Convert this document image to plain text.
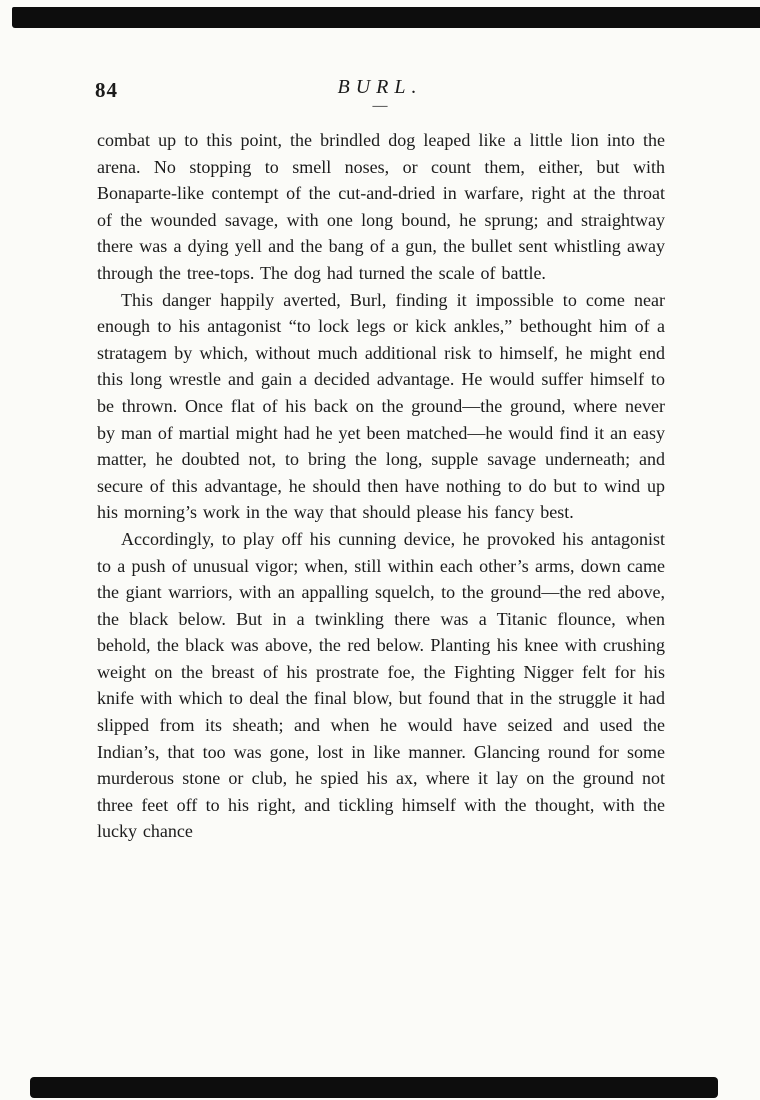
84	BURL.
—

combat up to this point, the brindled dog leaped like a little lion into the arena. No stopping to smell noses, or count them, either, but with Bonaparte-like contempt of the cut-and-dried in warfare, right at the throat of the wounded savage, with one long bound, he sprung; and straightway there was a dying yell and the bang of a gun, the bullet sent whistling away through the tree-tops. The dog had turned the scale of battle.

This danger happily averted, Burl, finding it impossible to come near enough to his antagonist “to lock legs or kick ankles,” bethought him of a stratagem by which, without much additional risk to himself, he might end this long wrestle and gain a decided advantage. He would suffer himself to be thrown. Once flat of his back on the ground—the ground, where never by man of martial might had he yet been matched—he would find it an easy matter, he doubted not, to bring the long, supple savage underneath; and secure of this advantage, he should then have nothing to do but to wind up his morning’s work in the way that should please his fancy best.

Accordingly, to play off his cunning device, he provoked his antagonist to a push of unusual vigor; when, still within each other’s arms, down came the giant warriors, with an appalling squelch, to the ground—the red above, the black below. But in a twinkling there was a Titanic flounce, when behold, the black was above, the red below. Planting his knee with crushing weight on the breast of his prostrate foe, the Fighting Nigger felt for his knife with which to deal the final blow, but found that in the struggle it had slipped from its sheath; and when he would have seized and used the Indian’s, that too was gone, lost in like manner. Glancing round for some murderous stone or club, he spied his ax, where it lay on the ground not three feet off to his right, and tickling himself with the thought, with the lucky chance
